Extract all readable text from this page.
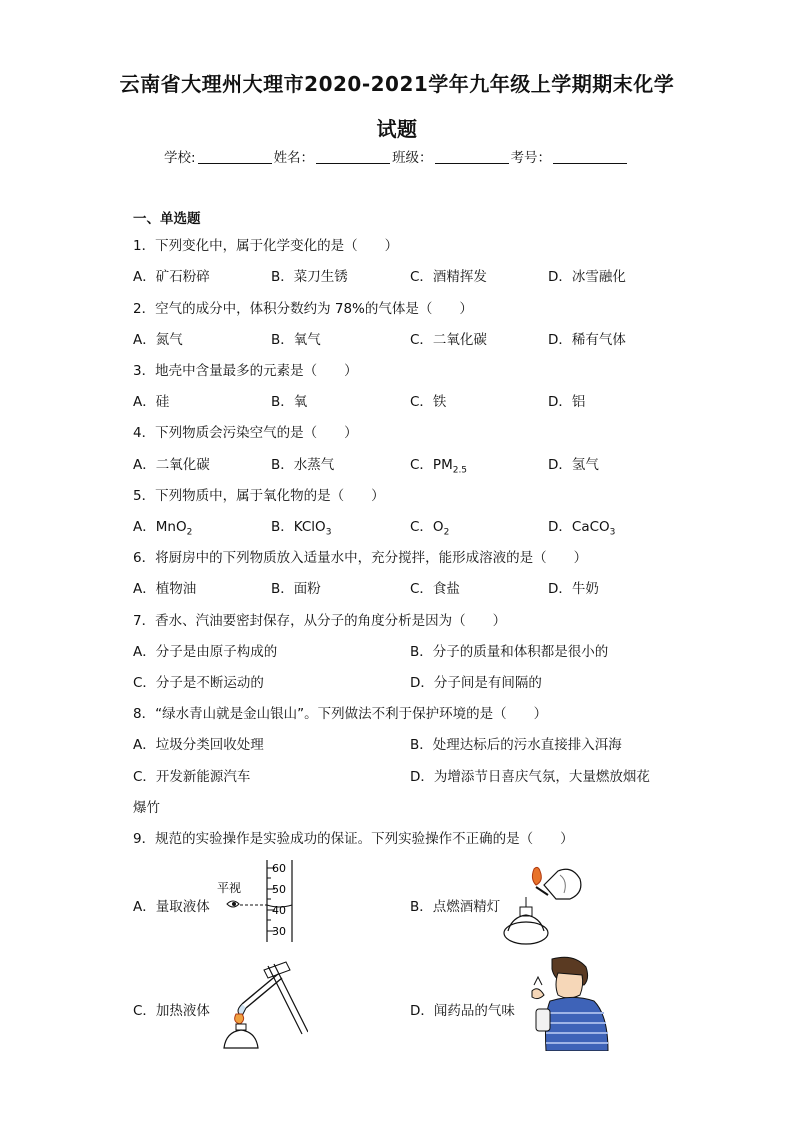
云南省大理州大理市2020-2021学年九年级上学期期末化学
试题
学校:	姓名：	班级：	考号：
一、单选题
1．下列变化中，属于化学变化的是（　　）
A．矿石粉碎	B．菜刀生锈	C．酒精挥发	D．冰雪融化
2．空气的成分中，体积分数约为 78%的气体是（　　）
A．氮气	B．氧气	C．二氧化碳	D．稀有气体
3．地壳中含量最多的元素是（　　）
A．硅	B．氧	C．铁	D．铝
4．下列物质会污染空气的是（　　）
A．二氧化碳	B．水蒸气	C．$PM_{2.5}$	D．氢气
5．下列物质中，属于氧化物的是（　　）
A．MnO$_2$	B．KClO$_3$	C．$O_2$	D．CaCO$_3$
6．将厨房中的下列物质放入适量水中，充分搅拌，能形成溶液的是（　　）
A．植物油	B．面粉	C．食盐	D．牛奶
7．香水、汽油要密封保存，从分子的角度分析是因为（　　）
A．分子是由原子构成的	B．分子的质量和体积都是很小的
C．分子是不断运动的	D．分子间是有间隔的
8．“绿水青山就是金山银山”。下列做法不利于保护环境的是（　　）
A．垃圾分类回收处理	B．处理达标后的污水直接排入洱海
C．开发新能源汽车	D．为增添节日喜庆气氛，大量燃放烟花
爆竹
9．规范的实验操作是实验成功的保证。下列实验操作不正确的是（　　）
A．量取液体	B．点燃酒精灯
C．加热液体	D．闻药品的气味
60
50
40
30
平视
